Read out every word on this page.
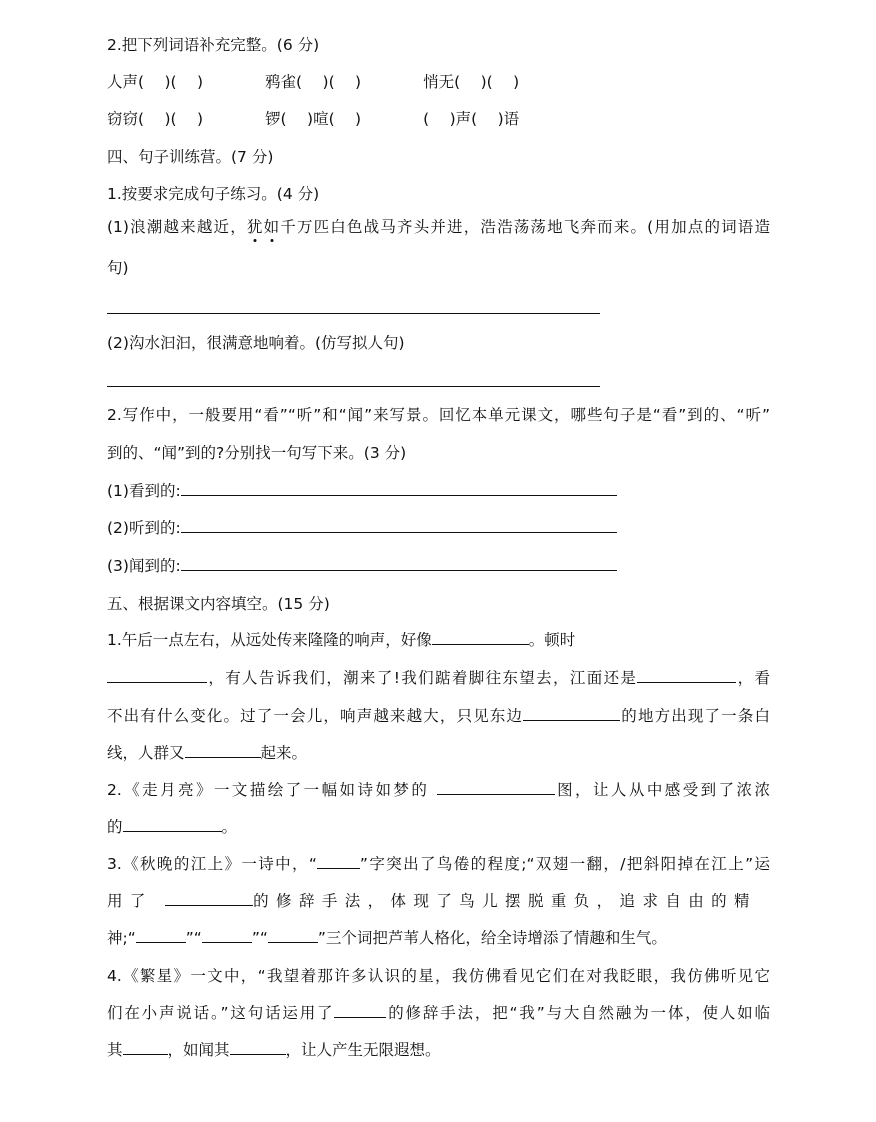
2.把下列词语补充完整。(6 分)
人声(　 )(　 )	鸦雀(　 )(　 )	悄无(　 )(　 )
窃窃(　 )(　 )	锣(　 )喧(　 )	(　 )声(　 )语
四、句子训练营。(7 分)
1.按要求完成句子练习。(4 分)
(1)浪潮越来越近，犹如千万匹白色战马齐头并进，浩浩荡荡地飞奔而来。(用加点的词语造
句)
(2)沟水汩汩，很满意地响着。(仿写拟人句)
2.写作中，一般要用“看”“听”和“闻”来写景。回忆本单元课文，哪些句子是“看”到的、“听”
到的、“闻”到的?分别找一句写下来。(3 分)
(1)看到的:
(2)听到的:
(3)闻到的:
五、根据课文内容填空。(15 分)
1.午后一点左右，从远处传来隆隆的响声，好像	。顿时
，有人告诉我们，潮来了!我们踮着脚往东望去，江面还是	，看
不出有什么变化。过了一会儿，响声越来越大，只见东边	的地方出现了一条白
线，人群又	起来。
2.《走月亮》一文描绘了一幅如诗如梦的	图，让人从中感受到了浓浓
的	。
3.《秋晚的江上》一诗中，“	”字突出了鸟倦的程度;“双翅一翻，/把斜阳掉在江上”运
用了	的修辞手法，体现了鸟儿摆脱重负，追求自由的精
神;“	”“	”“	”三个词把芦苇人格化，给全诗增添了情趣和生气。
4.《繁星》一文中，“我望着那许多认识的星，我仿佛看见它们在对我眨眼，我仿佛听见它
们在小声说话。”这句话运用了	的修辞手法，把“我”与大自然融为一体，使人如临
其	，如闻其	，让人产生无限遐想。
